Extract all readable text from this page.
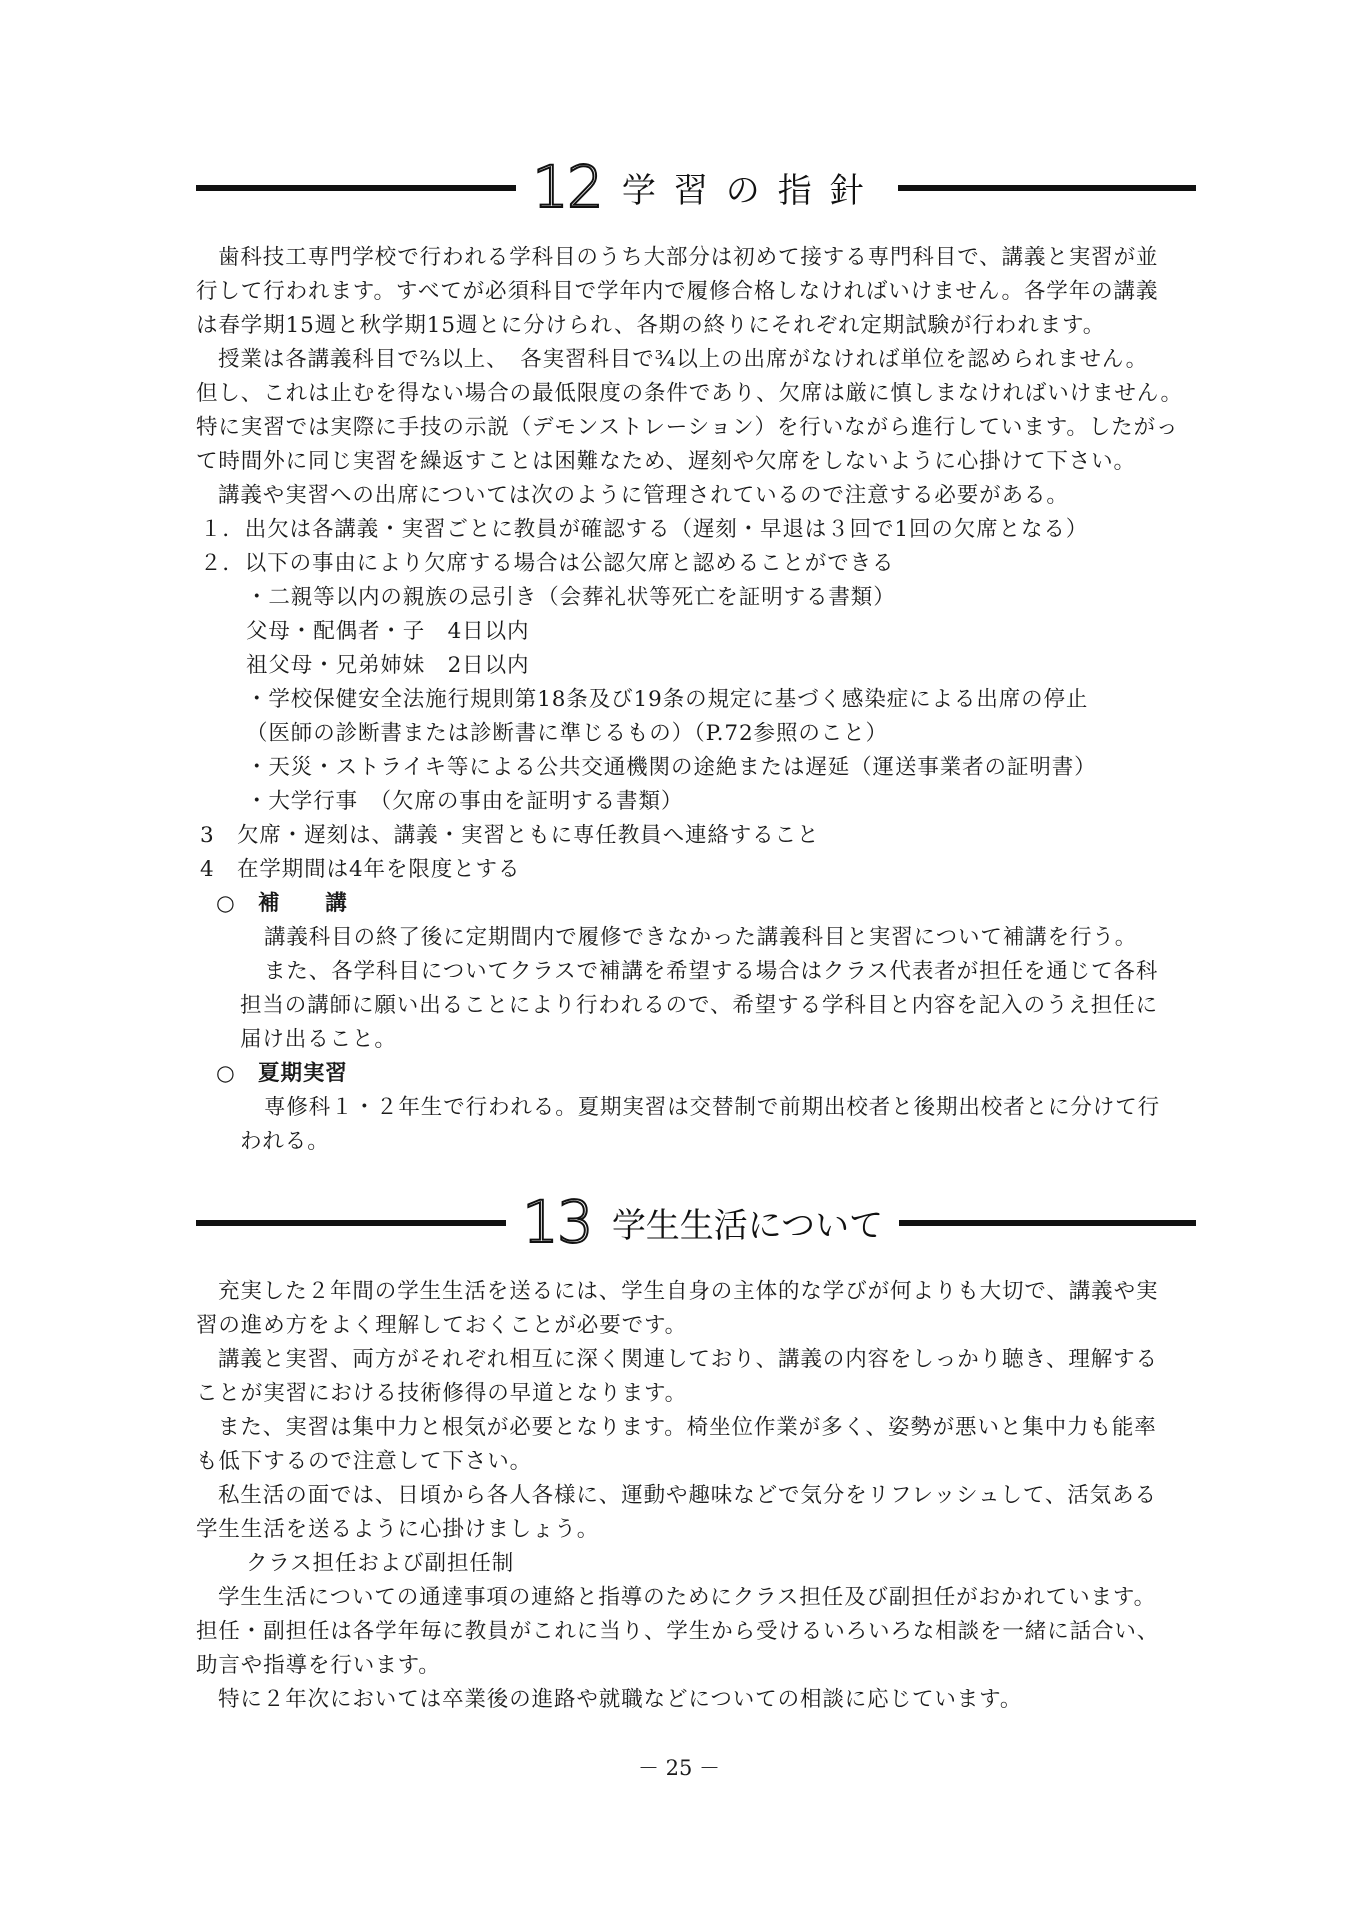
12 学習の指針
歯科技工専門学校で行われる学科目のうち大部分は初めて接する専門科目で、講義と実習が並
行して行われます。すべてが必須科目で学年内で履修合格しなければいけません。各学年の講義
は春学期15週と秋学期15週とに分けられ、各期の終りにそれぞれ定期試験が行われます。
授業は各講義科目で⅔以上、　各実習科目で¾以上の出席がなければ単位を認められません。
但し、これは止むを得ない場合の最低限度の条件であり、欠席は厳に慎しまなければいけません。
特に実習では実際に手技の示説（デモンストレーション）を行いながら進行しています。したがっ
て時間外に同じ実習を繰返すことは困難なため、遅刻や欠席をしないように心掛けて下さい。
講義や実習への出席については次のように管理されているので注意する必要がある。
１．出欠は各講義・実習ごとに教員が確認する（遅刻・早退は３回で1回の欠席となる）
２．以下の事由により欠席する場合は公認欠席と認めることができる
・二親等以内の親族の忌引き（会葬礼状等死亡を証明する書類）
父母・配偶者・子　4日以内
祖父母・兄弟姉妹　2日以内
・学校保健安全法施行規則第18条及び19条の規定に基づく感染症による出席の停止
（医師の診断書または診断書に準じるもの）（P.72参照のこと）
・天災・ストライキ等による公共交通機関の途絶または遅延（運送事業者の証明書）
・大学行事　（欠席の事由を証明する書類）
3　欠席・遅刻は、講義・実習ともに専任教員へ連絡すること
4　在学期間は4年を限度とする
○　補　　講
講義科目の終了後に定期間内で履修できなかった講義科目と実習について補講を行う。
また、各学科目についてクラスで補講を希望する場合はクラス代表者が担任を通じて各科
担当の講師に願い出ることにより行われるので、希望する学科目と内容を記入のうえ担任に
届け出ること。
○　夏期実習
専修科１・２年生で行われる。夏期実習は交替制で前期出校者と後期出校者とに分けて行
われる。
13 学生生活について
充実した２年間の学生生活を送るには、学生自身の主体的な学びが何よりも大切で、講義や実
習の進め方をよく理解しておくことが必要です。
講義と実習、両方がそれぞれ相互に深く関連しており、講義の内容をしっかり聴き、理解する
ことが実習における技術修得の早道となります。
また、実習は集中力と根気が必要となります。椅坐位作業が多く、姿勢が悪いと集中力も能率
も低下するので注意して下さい。
私生活の面では、日頃から各人各様に、運動や趣味などで気分をリフレッシュして、活気ある
学生生活を送るように心掛けましょう。
クラス担任および副担任制
学生生活についての通達事項の連絡と指導のためにクラス担任及び副担任がおかれています。
担任・副担任は各学年毎に教員がこれに当り、学生から受けるいろいろな相談を一緒に話合い、
助言や指導を行います。
特に２年次においては卒業後の進路や就職などについての相談に応じています。
－ 25 －
